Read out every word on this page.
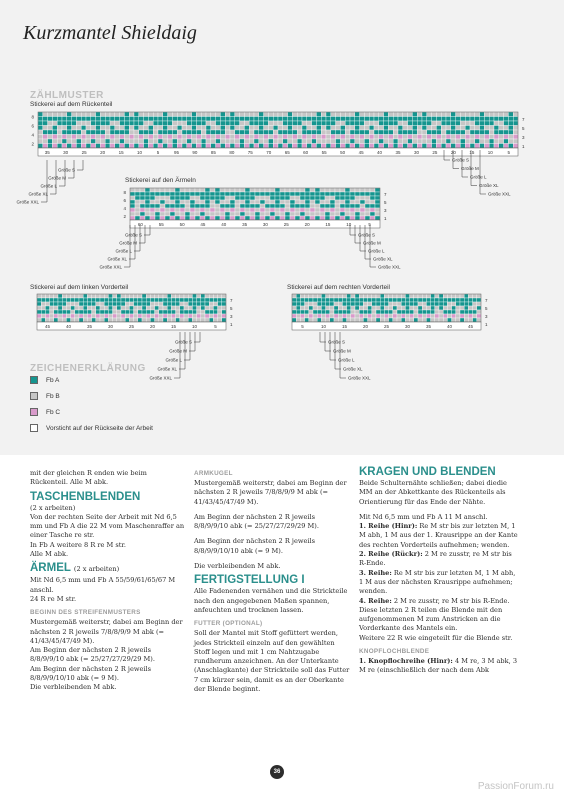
Kurzmantel Shieldaig
ZÄHLMUSTER
Stickerei auf dem Rückenteil
Stickerei auf den Ärmeln
Stickerei auf dem linken Vorderteil	Stickerei auf dem rechten Vorderteil
35	30	25	20	15	10	5	95	90	85	80	75	70	65	60	55	50	45	40	35	30	25	20	15	10	5
8
6
4
2
7
5
3
1
Größe S
Größe M
Größe L
Größe XL
Größe XXL
Größe S
Größe M
Größe L
Größe XL
Größe XXL
60	55	50	45	40	35	30	25	20	15	10	5
8
6
4
2
7
5
3
1
Größe S
Größe M
Größe L
Größe XL
Größe XXL
Größe S
Größe M
Größe L
Größe XL
Größe XXL
45	40	35	30	25	20	15	10	5
7
5
3
1
Größe S
Größe M
Größe L
Größe XL
Größe XXL
5	10	15	20	25	30	35	40	45
7
5
3
1
Größe S
Größe M
Größe L
Größe XL
Größe XXL
ZEICHENERKLÄRUNG
Fb A
Fb B
Fb C
Vorsticht auf der Rückseite der Arbeit

mit der gleichen R enden wie beim Rückenteil. Alle M abk.

TASCHENBLENDEN

(2 x arbeiten)

Von der rechten Seite der Arbeit mit Nd 6,5 mm und Fb A die 22 M vom Maschenraffer an einer Tasche re str.

In Fb A weitere 8 R re M str.

Alle M abk.

ÄRMEL (2 x arbeiten)

Mit Nd 6,5 mm und Fb A 55/59/61/65/67 M anschl.

24 R re M str.

BEGINN DES STREIFENMUSTERS

Mustergemäß weiterstr, dabei am Beginn der nächsten 2 R jeweils 7/8/8/9/9 M abk (= 41/43/45/47/49 M).

Am Beginn der nächsten 2 R jeweils 8/8/9/9/10 abk (= 25/27/27/29/29 M).

Am Beginn der nächsten 2 R jeweils 8/8/9/9/10/10 abk (= 9 M).

Die verbleibenden M abk.

ARMKUGEL

Mustergemäß weiterstr, dabei am Beginn der nächsten 2 R jeweils 7/8/8/9/9 M abk (= 41/43/45/47/49 M).

Am Beginn der nächsten 2 R jeweils 8/8/9/9/10 abk (= 25/27/27/29/29 M).

Am Beginn der nächsten 2 R jeweils 8/8/9/9/10/10 abk (= 9 M).

Die verbleibenden M abk.

FERTIGSTELLUNG I

Alle Fadenenden vernähen und die Strickteile nach den angegebenen Maßen spannen, anfeuchten und trocknen lassen.

FUTTER (OPTIONAL)

Soll der Mantel mit Stoff gefüttert werden, jedes Strickteil einzeln auf den gewählten Stoff legen und mit 1 cm Nahtzugabe rundherum anzeichnen. An der Unterkante (Anschlagkante) der Strickteile soll das Futter 7 cm kürzer sein, damit es an der Oberkante der Blende beginnt.

KRAGEN UND BLENDEN

Beide Schulternähte schließen; dabei diedie MM an der Abkettkante des Rückenteils als Orientierung für das Ende der Nähte.

Mit Nd 6,5 mm und Fb A 11 M anschl.

1. Reihe (Hinr): Re M str bis zur letzten M, 1 M abh, 1 M aus der 1. Krausrippe an der Kante des rechten Vorderteils aufnehmen; wenden.

2. Reihe (Rückr): 2 M re zusstr, re M str bis R-Ende.

3. Reihe: Re M str bis zur letzten M, 1 M abh, 1 M aus der nächsten Krausrippe aufnehmen; wenden.

4. Reihe: 2 M re zusstr, re M str bis R-Ende.

Diese letzten 2 R teilen die Blende mit den aufgenommenen M zum Anstricken an die Vorderkante des Mantels ein.

Weitere 22 R wie eingeteilt für die Blende str.

KNOPFLOCHBLENDE

1. Knopflochreihe (Hinr): 4 M re, 3 M abk, 3 M re (einschließlich der nach dem Abk

36
PassionForum.ru
